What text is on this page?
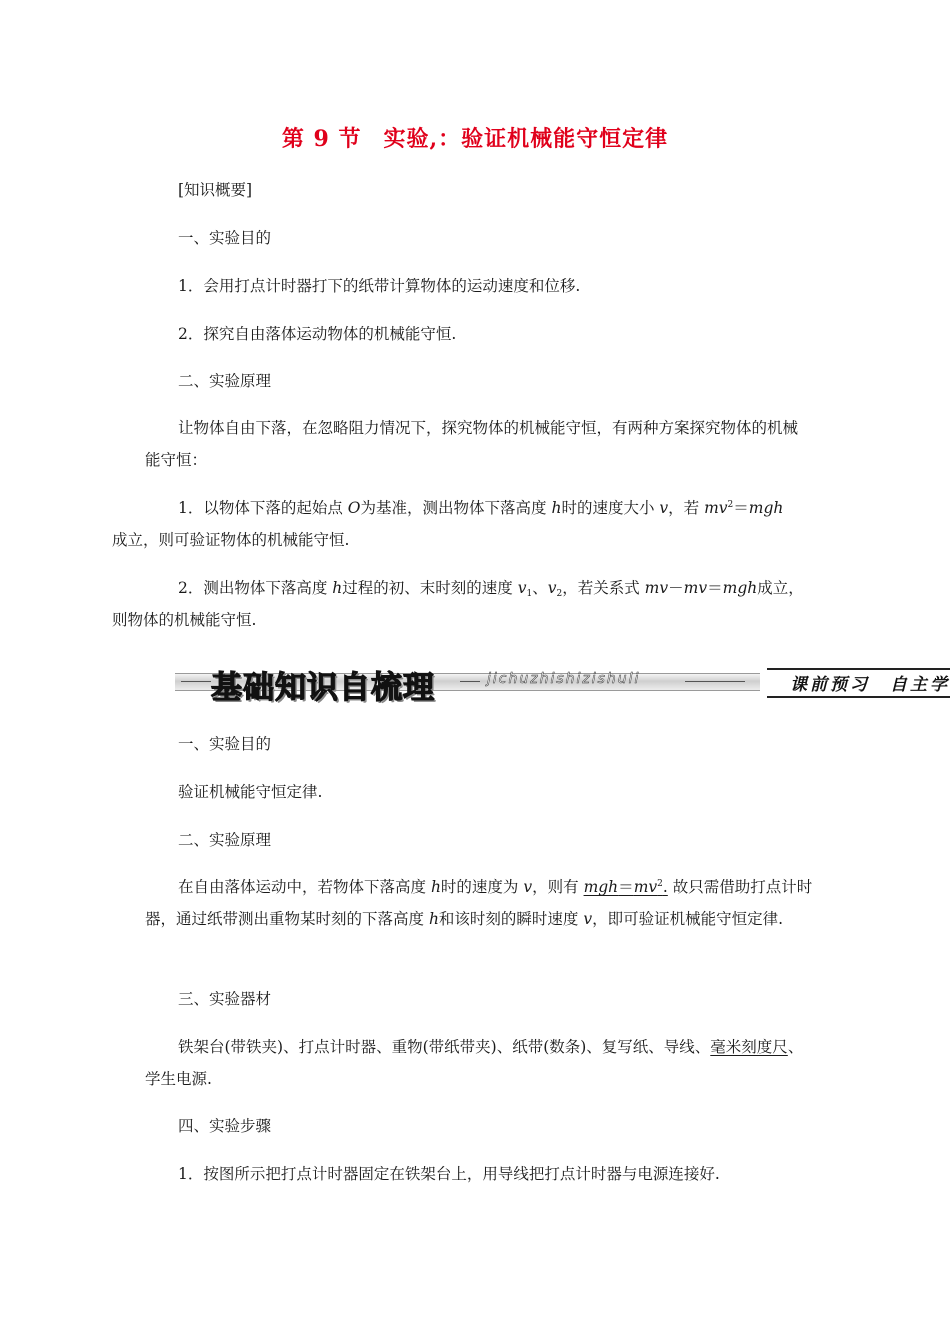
第 9 节 实验,：验证机械能守恒定律
[知识概要]
一、实验目的
1．会用打点计时器打下的纸带计算物体的运动速度和位移.
2．探究自由落体运动物体的机械能守恒.
二、实验原理
让物体自由下落，在忽略阻力情况下，探究物体的机械能守恒，有两种方案探究物体的机械能守恒：
1．以物体下落的起始点 O为基准，测出物体下落高度 h时的速度大小 v，若 $mv^2=mgh$
成立，则可验证物体的机械能守恒.
2．测出物体下落高度 h过程的初、末时刻的速度 $v_1$、$v_2$，若关系式 mv－mv＝mgh成立，
则物体的机械能守恒.
基础知识自梳理	jichuzhishizishuli	课前预习　自主学
一、实验目的
验证机械能守恒定律.
二、实验原理
在自由落体运动中，若物体下落高度 h时的速度为 v，则有 $mgh=mv^2$. 故只需借助打点计时器，通过纸带测出重物某时刻的下落高度 h和该时刻的瞬时速度 v，即可验证机械能守恒定律.
三、实验器材
铁架台(带铁夹)、打点计时器、重物(带纸带夹)、纸带(数条)、复写纸、导线、毫米刻度尺、学生电源.
四、实验步骤
1．按图所示把打点计时器固定在铁架台上，用导线把打点计时器与电源连接好.
